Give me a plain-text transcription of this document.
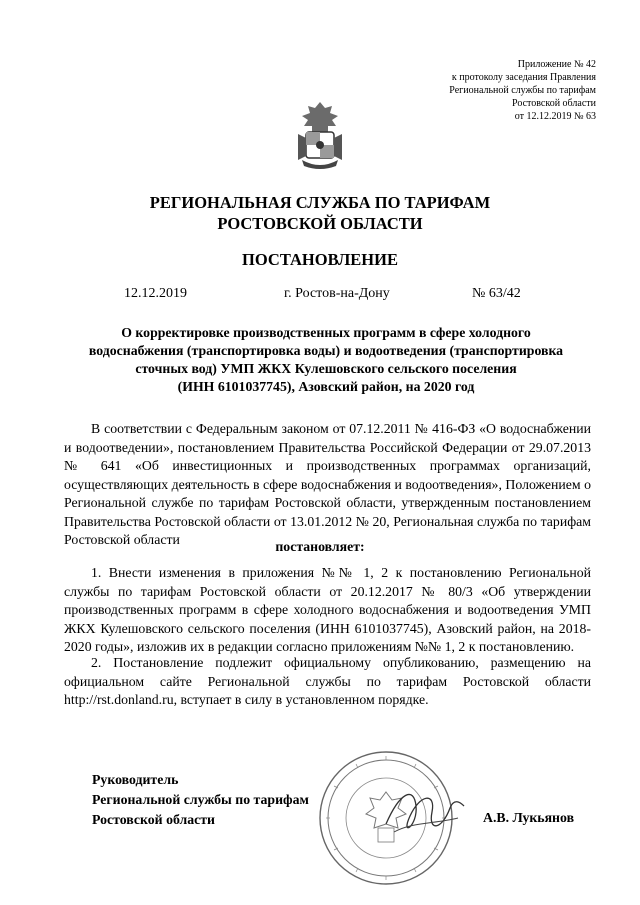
Приложение № 42
к протоколу заседания Правления
Региональной службы по тарифам
Ростовской области
от 12.12.2019 № 63
РЕГИОНАЛЬНАЯ СЛУЖБА ПО ТАРИФАМ
РОСТОВСКОЙ ОБЛАСТИ
ПОСТАНОВЛЕНИЕ
12.12.2019	г. Ростов-на-Дону	№ 63/42
О корректировке производственных программ в сфере холодного
водоснабжения (транспортировка воды) и водоотведения (транспортировка
сточных вод) УМП ЖКХ Кулешовского сельского поселения
(ИНН 6101037745), Азовский район, на 2020 год
В соответствии с Федеральным законом от 07.12.2011 № 416-ФЗ «О водоснабжении и водоотведении», постановлением Правительства Российской Федерации от 29.07.2013 № 641 «Об инвестиционных и производственных программах организаций, осуществляющих деятельность в сфере водоснабжения и водоотведения», Положением о Региональной службе по тарифам Ростовской области, утвержденным постановлением Правительства Ростовской области от 13.01.2012 № 20, Региональная служба по тарифам Ростовской области	постановляет:
1. Внести изменения в приложения №№ 1, 2 к постановлению Региональной службы по тарифам Ростовской области от 20.12.2017 № 80/3 «Об утверждении производственных программ в сфере холодного водоснабжения и водоотведения УМП ЖКХ Кулешовского сельского поселения (ИНН 6101037745), Азовский район, на 2018-2020 годы», изложив их в редакции согласно приложениям №№ 1, 2 к постановлению.
2. Постановление подлежит официальному опубликованию, размещению на официальном сайте Региональной службы по тарифам Ростовской области http://rst.donland.ru, вступает в силу в установленном порядке.
Руководитель
Региональной службы по тарифам
Ростовской области	А.В. Лукьянов
